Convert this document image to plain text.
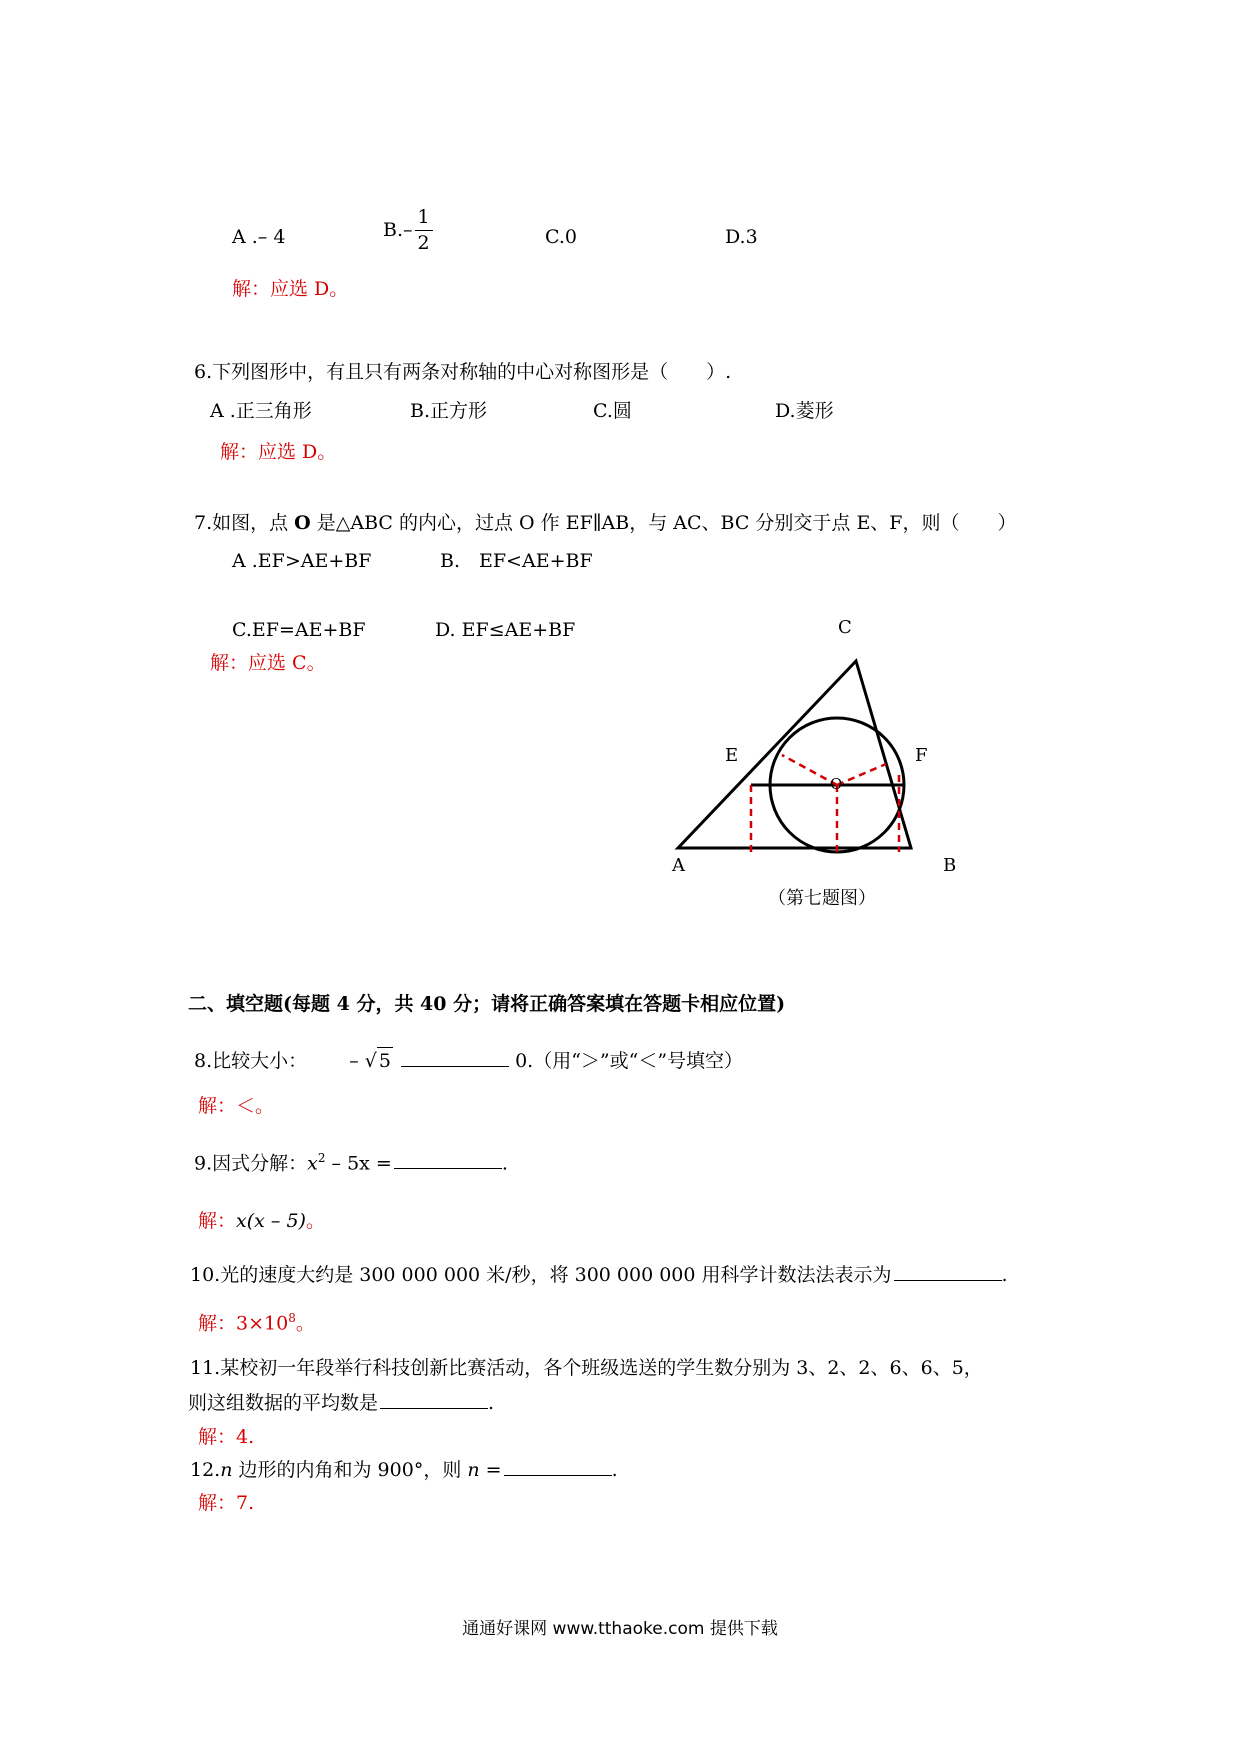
A .– 4	$B.- \frac{1}{2}$	C.0	D.3
解：应选 D。
6.下列图形中，有且只有两条对称轴的中心对称图形是（　　）.
A .正三角形	B.正方形	C.圆	D.菱形
解：应选 D。
7.如图，点 O 是△ABC 的内心，过点 O 作 EF∥AB，与 AC、BC 分别交于点 E、F，则（　　）
A .EF>AE+BF	B.　EF<AE+BF
C.EF=AE+BF	D. EF≤AE+BF
解：应选 C。
C
E	F
O
A	B
（第七题图）
二、填空题(每题 4 分，共 40 分；请将正确答案填在答题卡相应位置)
8.比较大小： – √ 5	0.（用“＞”或“＜”号填空）
解：＜。
9.因式分解：$x^2 - 5x$ =	.
解：x(x – 5)。
10.光的速度大约是 300 000 000 米/秒，将 300 000 000 用科学计数法法表示为	.
解：$3\times 10^8$。
11.某校初一年段举行科技创新比赛活动，各个班级选送的学生数分别为 3、2、2、6、6、5，
则这组数据的平均数是	.
解：4.
12.n 边形的内角和为 900°，则 n =	.
解：7.
通通好课网 www.tthaoke.com 提供下载
